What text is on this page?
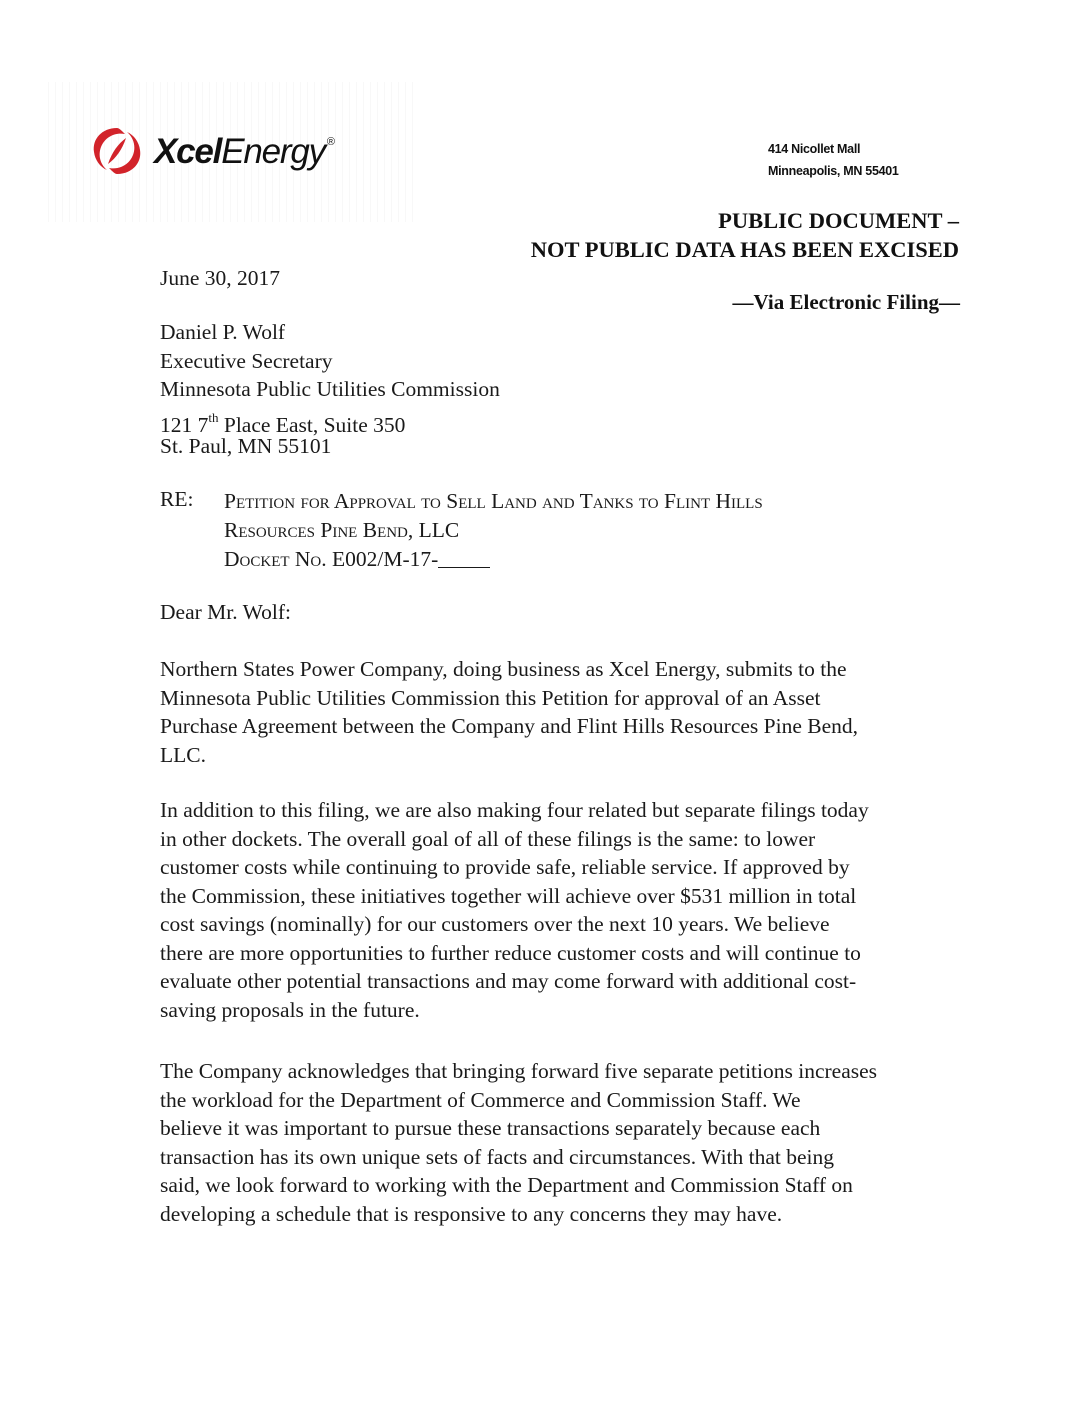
XcelEnergy ®
414 Nicollet Mall
Minneapolis, MN 55401
PUBLIC DOCUMENT –
NOT PUBLIC DATA HAS BEEN EXCISED
June 30, 2017
—Via Electronic Filing—
Daniel P. Wolf
Executive Secretary
Minnesota Public Utilities Commission
121 7th Place East, Suite 350
St. Paul, MN 55101
RE: Petition for Approval to Sell Land and Tanks to Flint Hills
Resources Pine Bend, LLC
Docket No. E002/M-17-
Dear Mr. Wolf:
Northern States Power Company, doing business as Xcel Energy, submits to the
Minnesota Public Utilities Commission this Petition for approval of an Asset
Purchase Agreement between the Company and Flint Hills Resources Pine Bend,
LLC.
In addition to this filing, we are also making four related but separate filings today
in other dockets. The overall goal of all of these filings is the same: to lower
customer costs while continuing to provide safe, reliable service. If approved by
the Commission, these initiatives together will achieve over $531 million in total
cost savings (nominally) for our customers over the next 10 years. We believe
there are more opportunities to further reduce customer costs and will continue to
evaluate other potential transactions and may come forward with additional cost-
saving proposals in the future.
The Company acknowledges that bringing forward five separate petitions increases
the workload for the Department of Commerce and Commission Staff. We
believe it was important to pursue these transactions separately because each
transaction has its own unique sets of facts and circumstances. With that being
said, we look forward to working with the Department and Commission Staff on
developing a schedule that is responsive to any concerns they may have.
